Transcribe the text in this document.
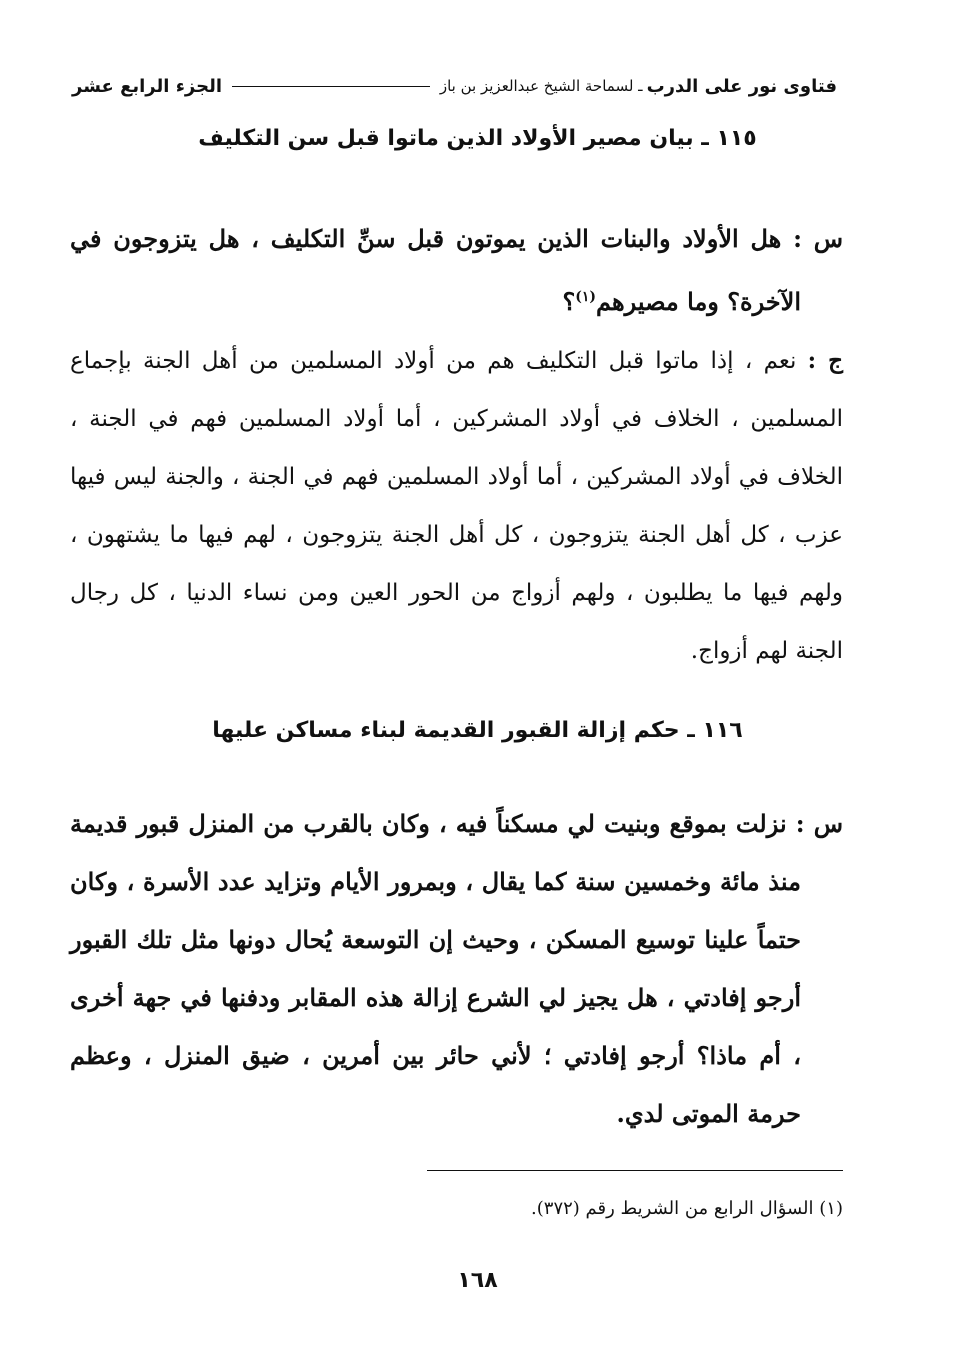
فتاوى نور على الدرب
ـ لسماحة الشيخ عبدالعزيز بن باز
الجزء الرابع عشر
١١٥ ـ بيان مصير الأولاد الذين ماتوا قبل سن التكليف

س : هل الأولاد والبنات الذين يموتون قبل سنِّ التكليف ، هل يتزوجون في الآخرة؟ وما مصيرهم$^{(١)}$؟

ج : نعم ، إذا ماتوا قبل التكليف هم من أولاد المسلمين من أهل الجنة بإجماع المسلمين ، الخلاف في أولاد المشركين ، أما أولاد المسلمين فهم في الجنة ، الخلاف في أولاد المشركين ، أما أولاد المسلمين فهم في الجنة ، والجنة ليس فيها عزب ، كل أهل الجنة يتزوجون ، كل أهل الجنة يتزوجون ، لهم فيها ما يشتهون ، ولهم فيها ما يطلبون ، ولهم أزواج من الحور العين ومن نساء الدنيا ، كل رجال الجنة لهم أزواج.

١١٦ ـ حكم إزالة القبور القديمة لبناء مساكن عليها

س : نزلت بموقع وبنيت لي مسكناً فيه ، وكان بالقرب من المنزل قبور قديمة منذ مائة وخمسين سنة كما يقال ، وبمرور الأيام وتزايد عدد الأسرة ، وكان حتماً علينا توسيع المسكن ، وحيث إن التوسعة يُحال دونها مثل تلك القبور أرجو إفادتي ، هل يجيز لي الشرع إزالة هذه المقابر ودفنها في جهة أخرى ، أم ماذا؟ أرجو إفادتي ؛ لأني حائر بين أمرين ، ضيق المنزل ، وعظم حرمة الموتى لدي.

(١) السؤال الرابع من الشريط رقم (٣٧٢).
١٦٨
